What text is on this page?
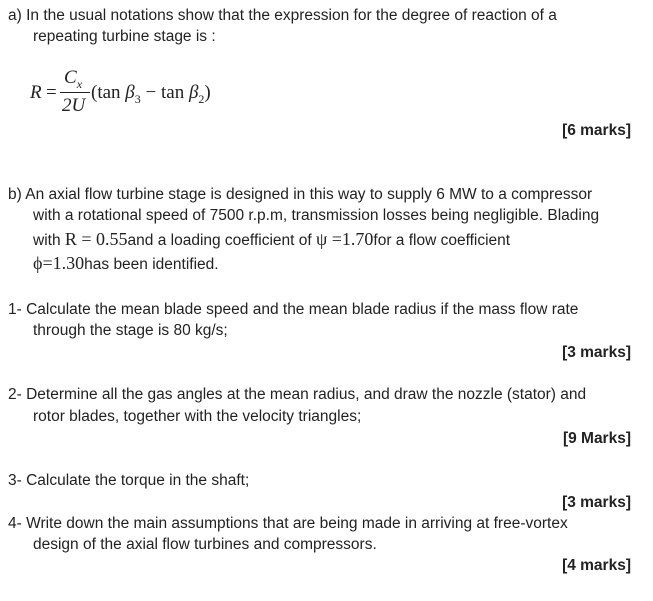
a) In the usual notations show that the expression for the degree of reaction of a
repeating turbine stage is :
R =
$C_x$
2U
(tan $\beta_3 - \tan \beta_2$)
[6 marks]
b) An axial flow turbine stage is designed in this way to supply 6 MW to a compressor
with a rotational speed of 7500 r.p.m, transmission losses being negligible. Blading
with R = 0.55and a loading coefficient of ψ =1.70for a flow coefficient
ϕ=1.30has been identified.
1- Calculate the mean blade speed and the mean blade radius if the mass flow rate
through the stage is 80 kg/s;
[3 marks]
2- Determine all the gas angles at the mean radius, and draw the nozzle (stator) and
rotor blades, together with the velocity triangles;
[9 Marks]
3- Calculate the torque in the shaft;
[3 marks]
4- Write down the main assumptions that are being made in arriving at free-vortex
design of the axial flow turbines and compressors.
[4 marks]
